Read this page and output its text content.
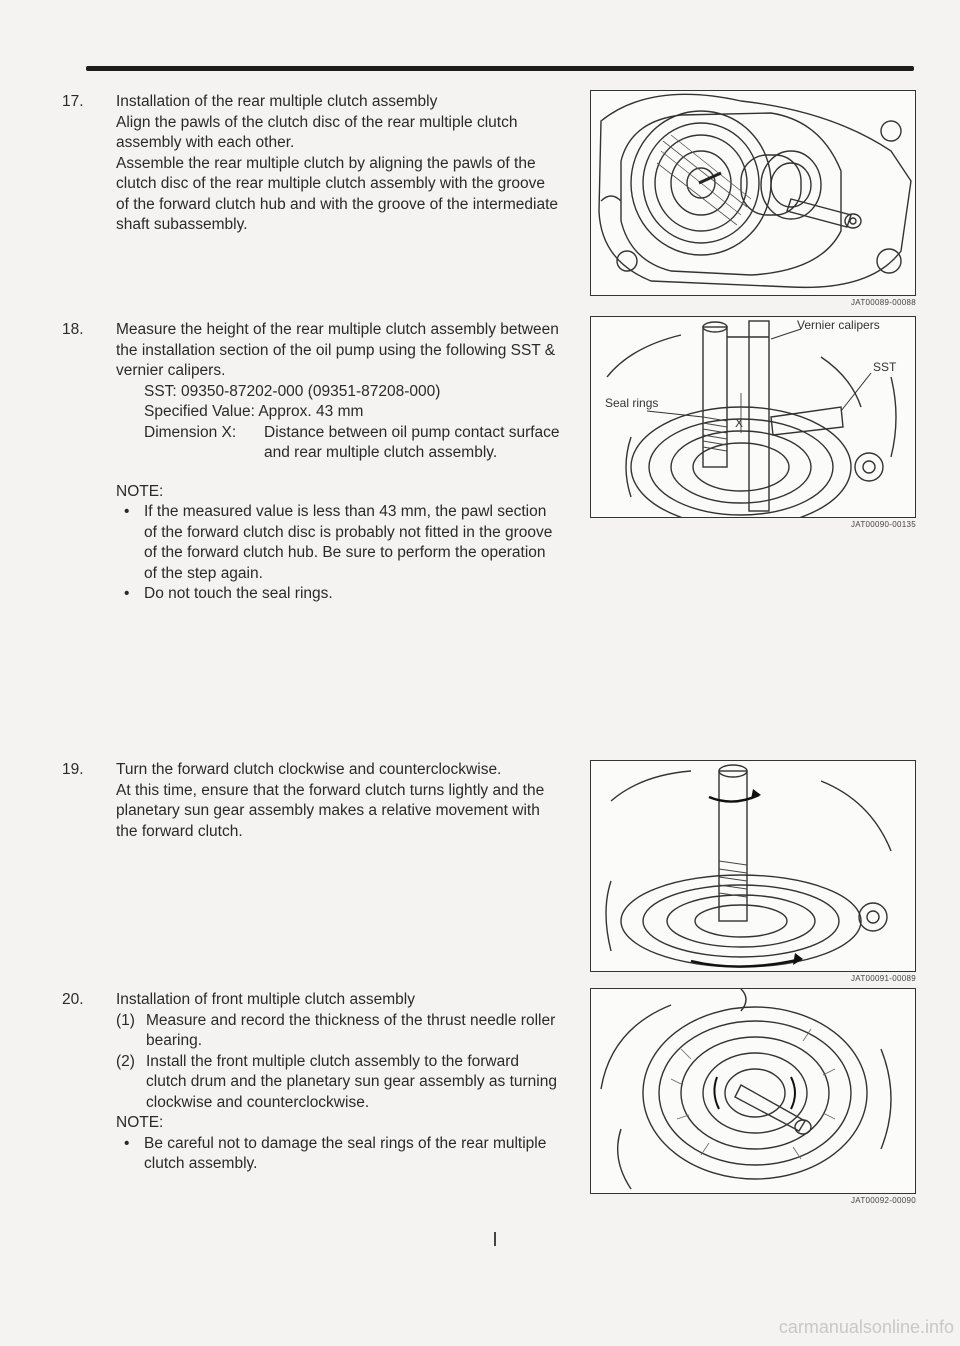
17.	Installation of the rear multiple clutch assembly

Align the pawls of the clutch disc of the rear multiple clutch assembly with each other.

Assemble the rear multiple clutch by aligning the pawls of the clutch disc of the rear multiple clutch assembly with the groove of the forward clutch hub and with the groove of the intermediate shaft subassembly.

18.	Measure the height of the rear multiple clutch assembly between the installation section of the oil pump using the following SST & vernier calipers.

SST: 09350-87202-000 (09351-87208-000)

Specified Value: Approx. 43 mm

Dimension X:	Distance between oil pump contact surface and rear multiple clutch assembly.

NOTE:

• If the measured value is less than 43 mm, the pawl section of the forward clutch disc is probably not fitted in the groove of the forward clutch hub. Be sure to perform the operation of the step again.
• Do not touch the seal rings.
19.	Turn the forward clutch clockwise and counterclockwise.

At this time, ensure that the forward clutch turns lightly and the planetary sun gear assembly makes a relative movement with the forward clutch.

20.	Installation of front multiple clutch assembly

(1) Measure and record the thickness of the thrust needle roller bearing.
(2) Install the front multiple clutch assembly to the forward clutch drum and the planetary sun gear assembly as turning clockwise and counterclockwise.

NOTE:

• Be careful not to damage the seal rings of the rear multiple clutch assembly.
JAT00089-00088
Vernier calipers
SST
Seal rings
X
JAT00090-00135
JAT00091-00089
JAT00092-00090
carmanualsonline.info
